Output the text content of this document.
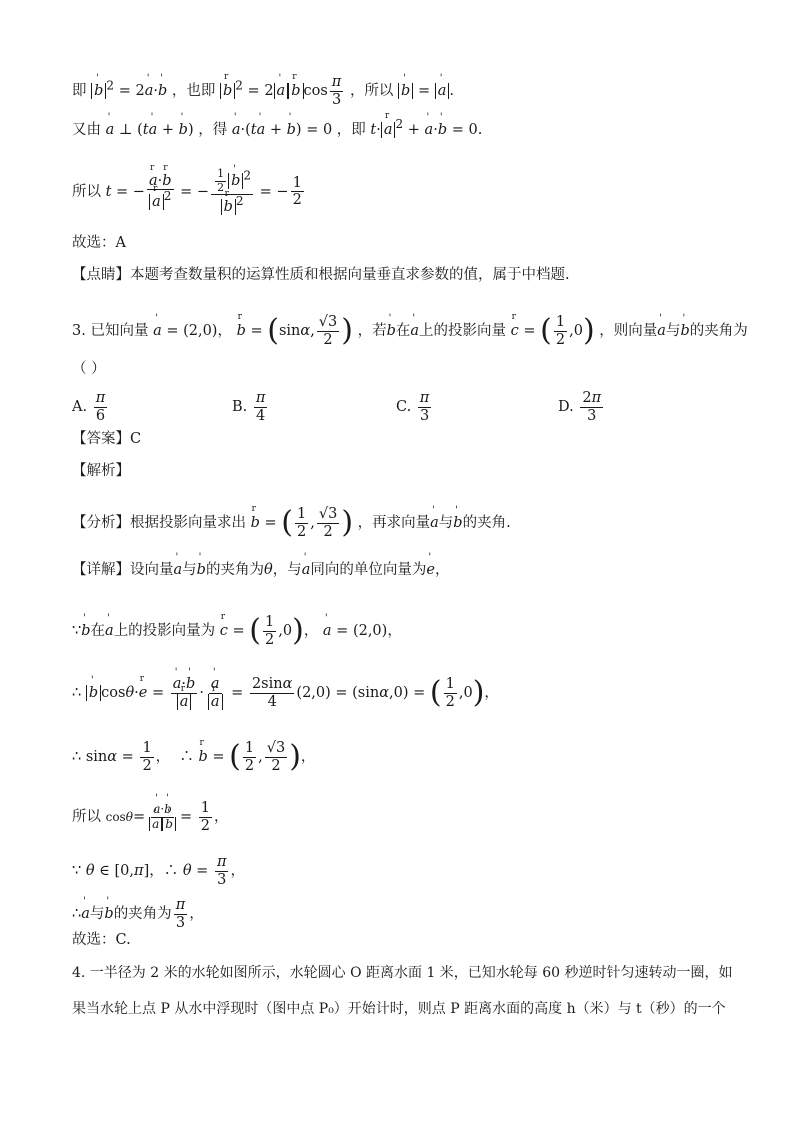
即 ' b $^2$ = 2' a·' b ，也即 r b $^2$ = 2 ' a r b $\cos \frac{\pi}{3}$ ，所以 ' b = ' a .
又由 ' a ⊥ (t' a + ' b) ，得 ' a·(t' a + ' b) = 0 ，即 t· r a $^2$ + ' a·' b = 0.
所以 t = − r a·r b
r a $^2$ = − $\frac{1}{2}$ ' b $^2$
r b $^2$ = − $\frac{1}{2}$
故选：A
【点睛】本题考查数量积的运算性质和根据向量垂直求参数的值，属于中档题.
3. 已知向量 ' a = (2,0)， r b = (sinα, $\frac{√3}{2}$ ) ，若' b在' a上的投影向量 r c = ( $\frac{1}{2} ,0$) ，则向量' a与' b的夹角为
（ ）
A. $\frac{\pi}{6}$	B. $\frac{\pi}{4}$	C. $\frac{\pi}{3}$	D. $\frac{2\pi}{3}$
【答案】C
【解析】
【分析】根据投影向量求出 r b = ( $\frac{1}{2}$ , $\frac{√3}{2}$ ) ，再求向量' a与' b的夹角.
【详解】设向量' a与' b的夹角为θ，与' a同向的单位向量为' e，
∵' b在' a上的投影向量为 r c = ( $\frac{1}{2} ,0$)， ' a = (2,0)，
∴ ' b cosθ·r e = ' a·' b
r a · ' a
r $a = \frac{2\sin\alpha}{4} (2,0) = (\sin\alpha,0)$ = ( $\frac{1}{2} ,0$)，
∴ $\sin\alpha = \frac{1}{2}$ ，  ∴ r b = ( $\frac{1}{2}$ , $\frac{√3}{2}$ )，
所以 cosθ= ' a·' b
' a ' $b = \frac{1}{2}$ ，
∵ θ ∈ [0,π]，∴ $\theta = \frac{\pi}{3}$ ，
∴' a与' b的夹角为 $\frac{\pi}{3}$ ，
故选：C.
4. 一半径为 2 米的水轮如图所示，水轮圆心 O 距离水面 1 米，已知水轮每 60 秒逆时针匀速转动一圈，如
果当水轮上点 P 从水中浮现时（图中点 P₀）开始计时，则点 P 距离水面的高度 h（米）与 t（秒）的一个
